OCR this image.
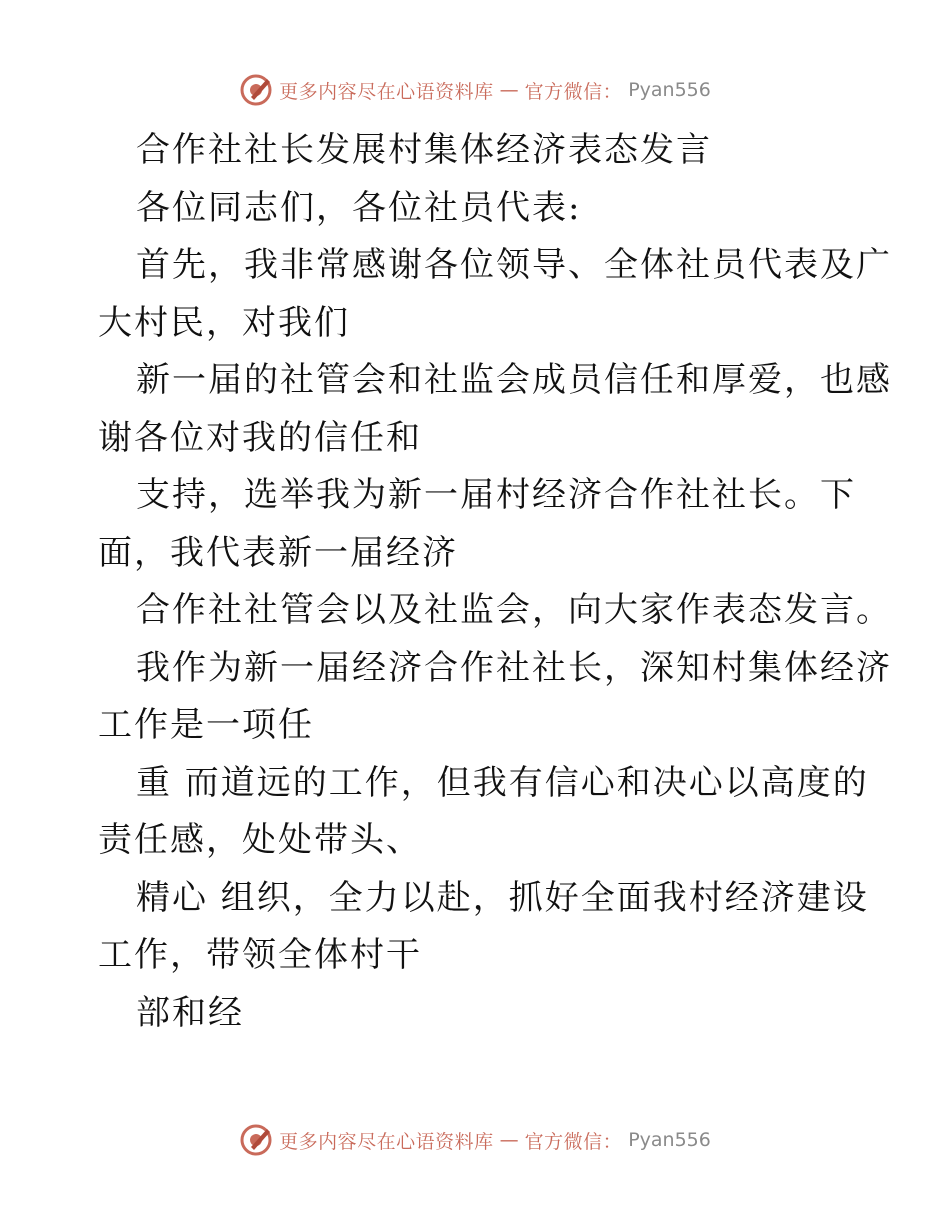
更多内容尽在心语资料库 — 官方微信： Pyan556
合作社社长发展村集体经济表态发言
各位同志们，各位社员代表:
首先，我非常感谢各位领导、全体社员代表及广
大村民，对我们
新一届的社管会和社监会成员信任和厚爱，也感
谢各位对我的信任和
支持，选举我为新一届村经济合作社社长。下
面，我代表新一届经济
合作社社管会以及社监会，向大家作表态发言。
我作为新一届经济合作社社长，深知村集体经济
工作是一项任
重 而道远的工作，但我有信心和决心以高度的
责任感，处处带头、
精心 组织，全力以赴，抓好全面我村经济建设
工作，带领全体村干
部和经
更多内容尽在心语资料库 — 官方微信： Pyan556
